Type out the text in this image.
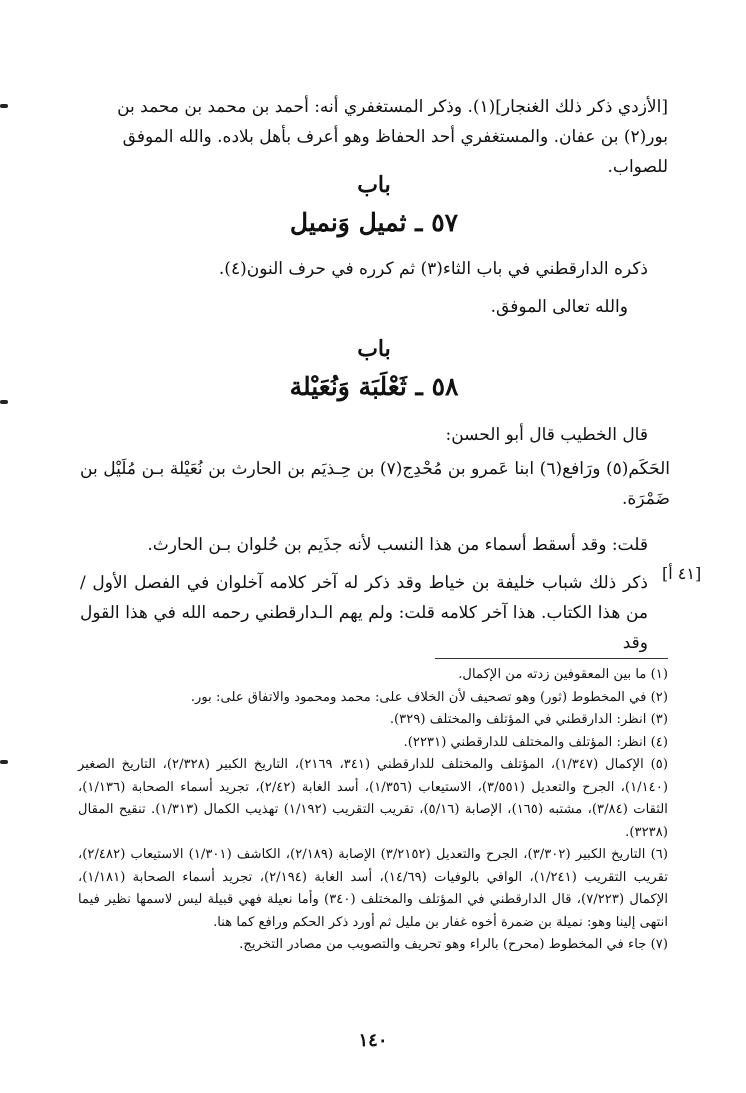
[الأزدي ذكر ذلك الغنجار](١). وذكر المستغفري أنه: أحمد بن محمد بن محمد بن
بور(٢) بن عفان. والمستغفري أحد الحفاظ وهو أعرف بأهل بلاده. والله الموفق للصواب.
باب
٥٧ ـ ثميل وَنميل
ذكره الدارقطني في باب الثاء(٣) ثم كرره في حرف النون(٤).
والله تعالى الموفق.
باب
٥٨ ـ ثَعْلَبَة وَنُعَيْلة
قال الخطيب قال أبو الحسن:
الحَكَم(٥) ورَافع(٦) ابنا عَمرو بن مُحْدِج(٧) بن حِـذيَم بن الحارث بن نُعَيْلة بـن مُلَيْل بن ضَمْرَة.
قلت: وقد أسقط أسماء من هذا النسب لأنه جذَيم بن حُلوان بـن الحارث.
ذكر ذلك شباب خليفة بن خياط وقد ذكر له آخر كلامه آخلوان في الفصل الأول / من هذا الكتاب. هذا آخر كلامه قلت: ولم يهم الـدارقطني رحمه الله في هذا القول وقد
[٤١ أ]

(١) ما بين المعقوفين زدته من الإكمال.

(٢) في المخطوط (ثور) وهو تصحيف لأن الخلاف على: محمد ومحمود والاتفاق على: بور.

(٣) انظر: الدارقطني في المؤتلف والمختلف (٣٢٩).

(٤) انظر: المؤتلف والمختلف للدارقطني (٢٢٣١).

(٥) الإكمال (١/٣٤٧)، المؤتلف والمختلف للدارقطني (٣٤١، ٢١٦٩)، التاريخ الكبير (٢/٣٢٨)، التاريخ الصغير (١/١٤٠)، الجرح والتعديل (٣/٥٥١)، الاستيعاب (١/٣٥٦)، أسد الغابة (٢/٤٢)، تجريد أسماء الصحابة (١/١٣٦)، الثقات (٣/٨٤)، مشتبه (١٦٥)، الإصابة (٥/١٦)، تقريب التقريب (١/١٩٢) تهذيب الكمال (١/٣١٣). تنقيح المقال (٣٢٣٨).

(٦) التاريخ الكبير (٣/٣٠٢)، الجرح والتعديل (٣/٢١٥٢) الإصابة (٢/١٨٩)، الكاشف (١/٣٠١) الاستيعاب (٢/٤٨٢)، تقريب التقريب (١/٢٤١)، الوافي بالوفيات (١٤/٦٩)، أسد الغابة (٢/١٩٤)، تجريد أسماء الصحابة (١/١٨١)، الإكمال (٧/٢٢٣)، قال الدارقطني في المؤتلف والمختلف (٣٤٠) وأما نعيلة فهي قبيلة ليس لاسمها نظير فيما انتهى إلينا وهو: نميلة بن ضمرة أخوه غفار بن مليل ثم أورد ذكر الحكم ورافع كما هنا.

(٧) جاء في المخطوط (محرح) بالراء وهو تحريف والتصويب من مصادر التخريج.

١٤٠
